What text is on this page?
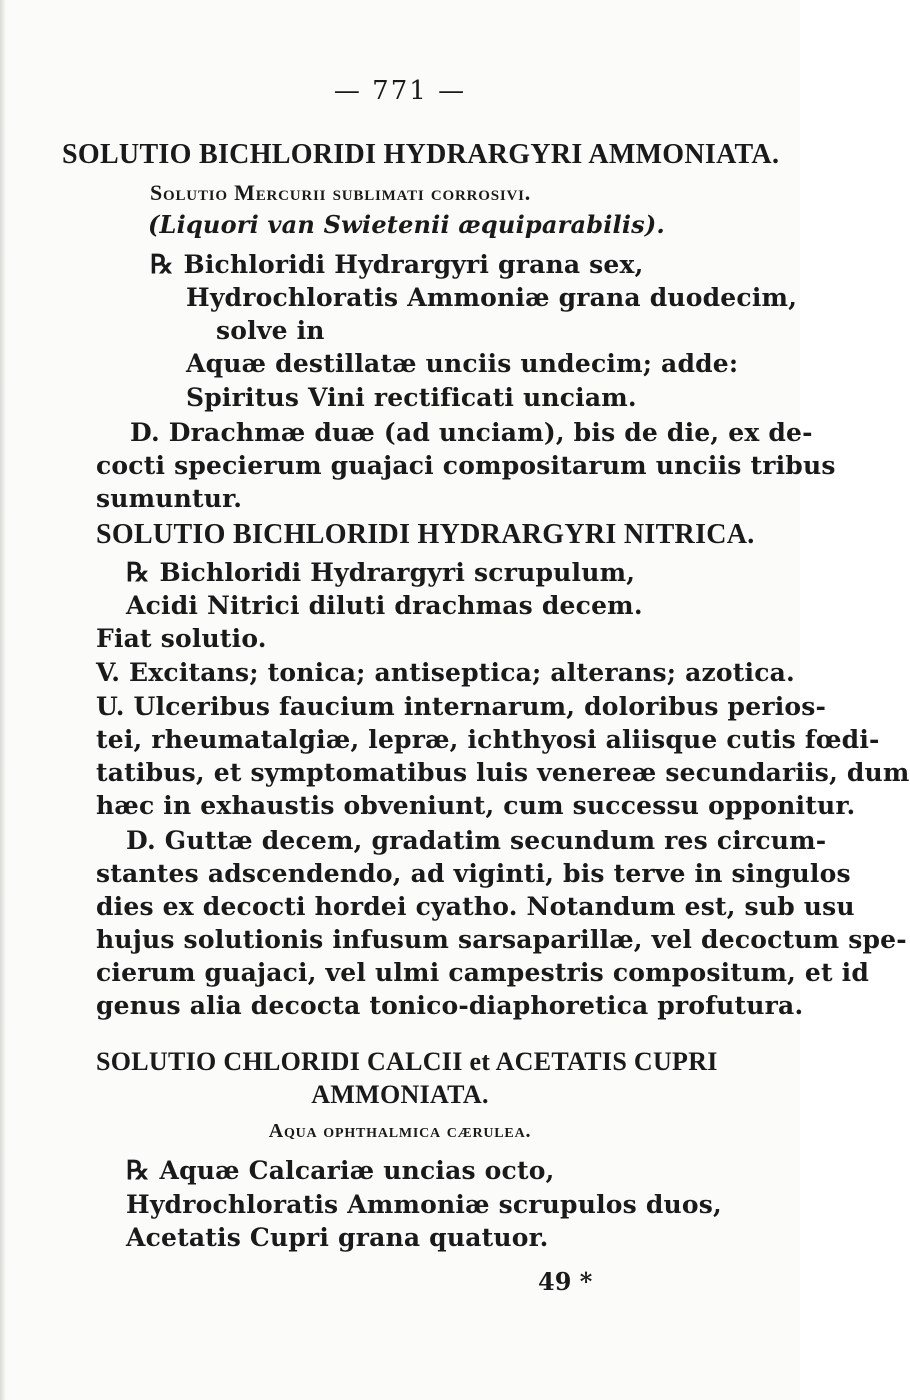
— 771 —
SOLUTIO BICHLORIDI HYDRARGYRI AMMONIATA.
Solutio Mercurii sublimati corrosivi.
(Liquori van Swietenii æquiparabilis).
℞ Bichloridi Hydrargyri grana sex,
Hydrochloratis Ammoniæ grana duodecim,
solve in
Aquæ destillatæ unciis undecim; adde:
Spiritus Vini rectificati unciam.
D. Drachmæ duæ (ad unciam), bis de die, ex de-
cocti specierum guajaci compositarum unciis tribus
sumuntur.
SOLUTIO BICHLORIDI HYDRARGYRI NITRICA.
℞ Bichloridi Hydrargyri scrupulum,
Acidi Nitrici diluti drachmas decem.
Fiat solutio.
V. Excitans; tonica; antiseptica; alterans; azotica.
U. Ulceribus faucium internarum, doloribus perios-
tei, rheumatalgiæ, lepræ, ichthyosi aliisque cutis fœdi-
tatibus, et symptomatibus luis venereæ secundariis, dum
hæc in exhaustis obveniunt, cum successu opponitur.
D. Guttæ decem, gradatim secundum res circum-
stantes adscendendo, ad viginti, bis terve in singulos
dies ex decocti hordei cyatho. Notandum est, sub usu
hujus solutionis infusum sarsaparillæ, vel decoctum spe-
cierum guajaci, vel ulmi campestris compositum, et id
genus alia decocta tonico-diaphoretica profutura.
SOLUTIO CHLORIDI CALCII et ACETATIS CUPRI
AMMONIATA.
Aqua ophthalmica cærulea.
℞ Aquæ Calcariæ uncias octo,
Hydrochloratis Ammoniæ scrupulos duos,
Acetatis Cupri grana quatuor.
49 *
